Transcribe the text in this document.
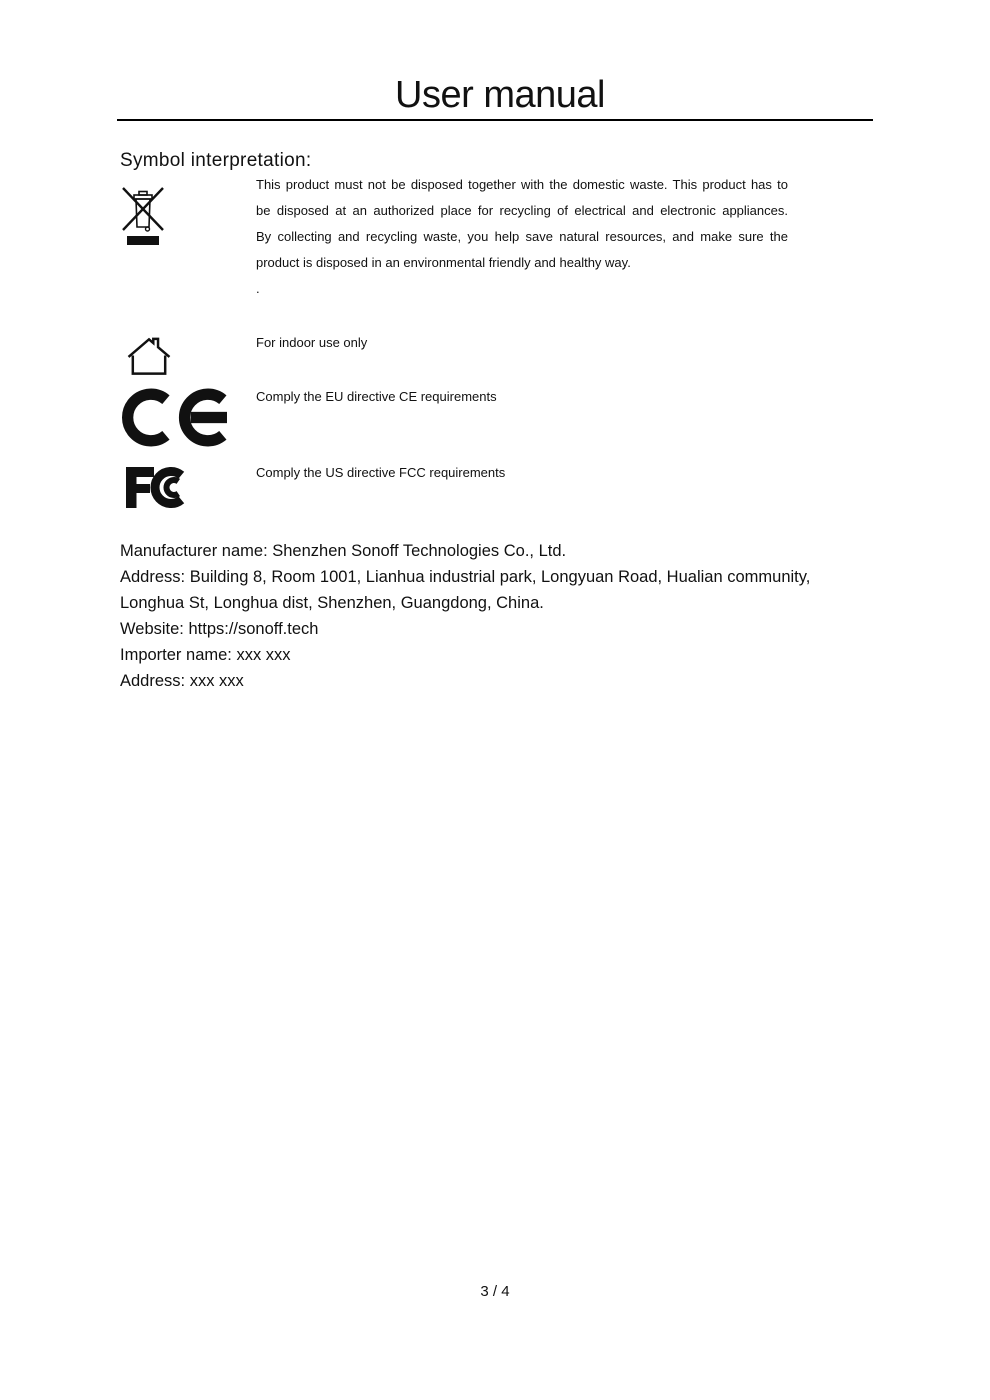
User manual
Symbol interpretation:
This product must not be disposed together with the domestic waste. This product has to
be disposed at an authorized place for recycling of electrical and electronic appliances.
By collecting and recycling waste, you help save natural resources, and make sure the
product is disposed in an environmental friendly and healthy way.
.
For indoor use only
Comply the EU directive CE requirements
Comply the US directive FCC requirements
Manufacturer name: Shenzhen Sonoff Technologies Co., Ltd.
Address: Building 8, Room 1001, Lianhua industrial park, Longyuan Road, Hualian community,
Longhua St, Longhua dist, Shenzhen, Guangdong, China.
Website: https://sonoff.tech
Importer name: xxx xxx
Address: xxx xxx
3 / 4
